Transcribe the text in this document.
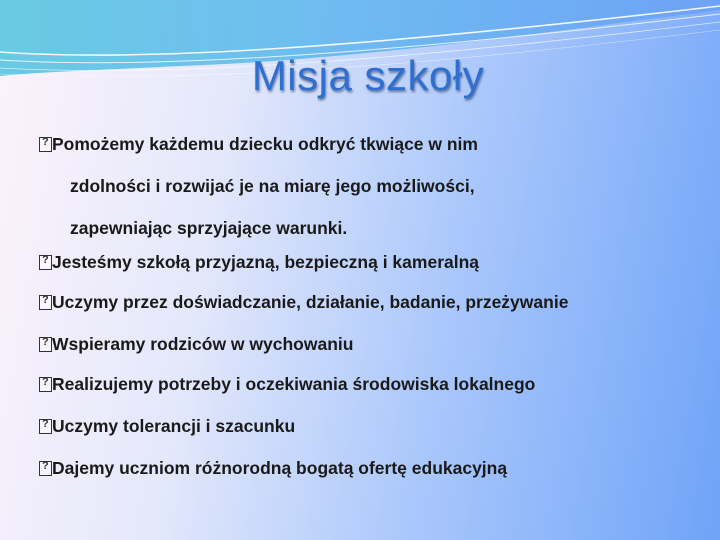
Misja szkoły
?
Pomożemy każdemu dziecku odkryć tkwiące w nim
zdolności i rozwijać je na miarę jego możliwości,
zapewniając sprzyjające warunki.
?
Jesteśmy szkołą przyjazną, bezpieczną i kameralną
?
Uczymy przez doświadczanie, działanie, badanie, przeżywanie
?
Wspieramy rodziców w wychowaniu
?
Realizujemy potrzeby i oczekiwania środowiska lokalnego
?
Uczymy tolerancji i szacunku
?
Dajemy uczniom różnorodną bogatą ofertę edukacyjną
